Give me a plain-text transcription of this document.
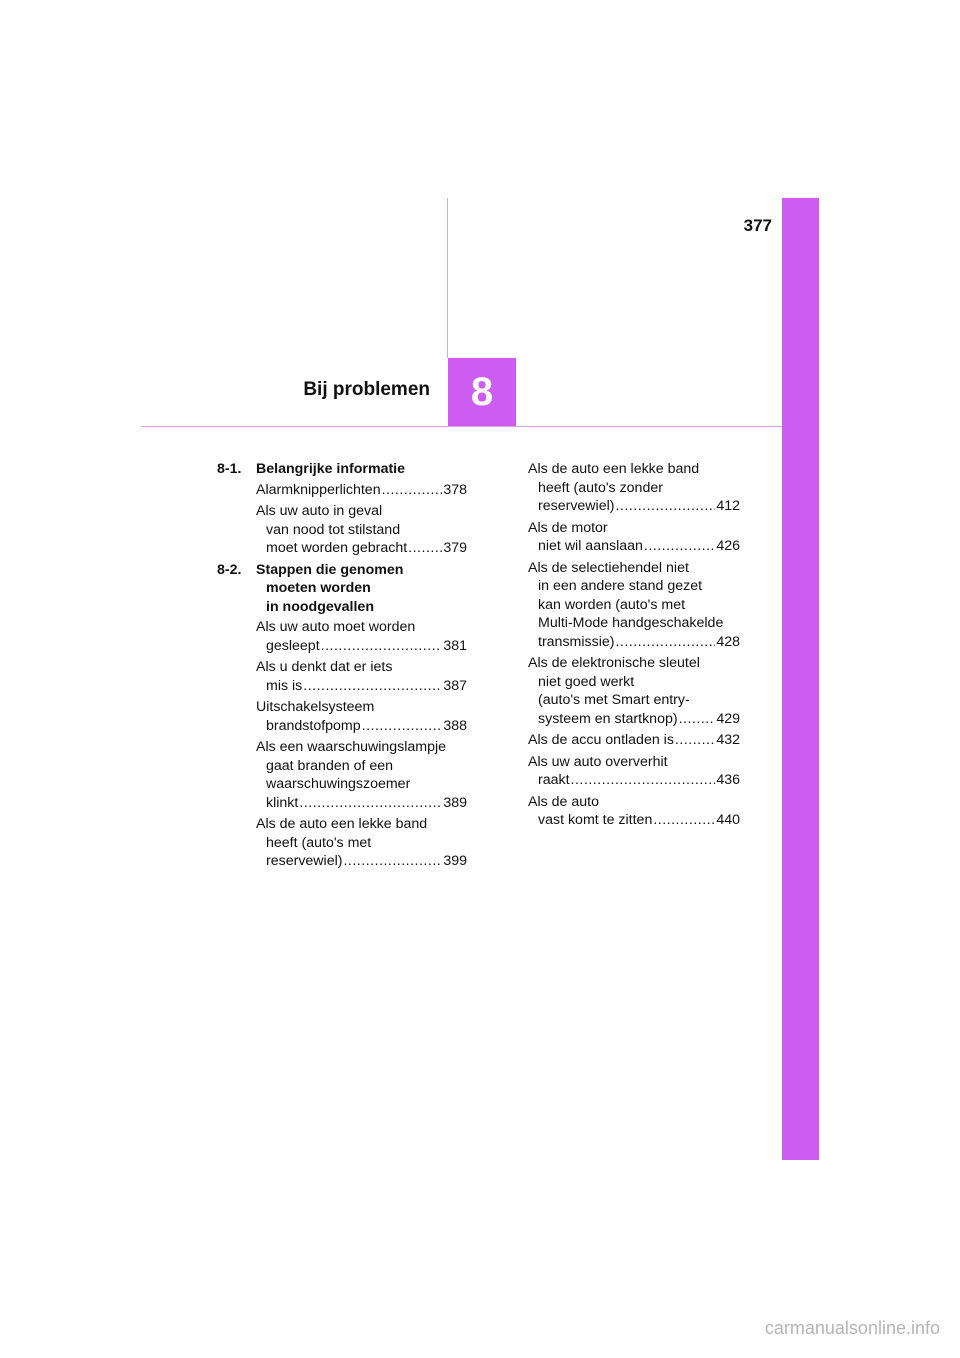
377
8
Bij problemen
8-1. Belangrijke informatie
Alarmknipperlichten .....	378
Als uw auto in geval
van nood tot stilstand
moet worden gebracht .....	379
8-2. Stappen die genomen
moeten worden
in noodgevallen
Als uw auto moet worden
gesleept .....	381
Als u denkt dat er iets
mis is .....	387
Uitschakelsysteem
brandstofpomp .....	388
Als een waarschuwingslampje
gaat branden of een
waarschuwingszoemer
klinkt .....	389
Als de auto een lekke band
heeft (auto's met
reservewiel) .....	399
Als de auto een lekke band
heeft (auto's zonder
reservewiel) .....	412
Als de motor
niet wil aanslaan .....	426
Als de selectiehendel niet
in een andere stand gezet
kan worden (auto's met
Multi-Mode handgeschakelde
transmissie) .....	428
Als de elektronische sleutel
niet goed werkt
(auto's met Smart entry-
systeem en startknop) .....	429
Als de accu ontladen is .....	432
Als uw auto oververhit
raakt .....	436
Als de auto
vast komt te zitten .....	440
carmanualsonline.info
